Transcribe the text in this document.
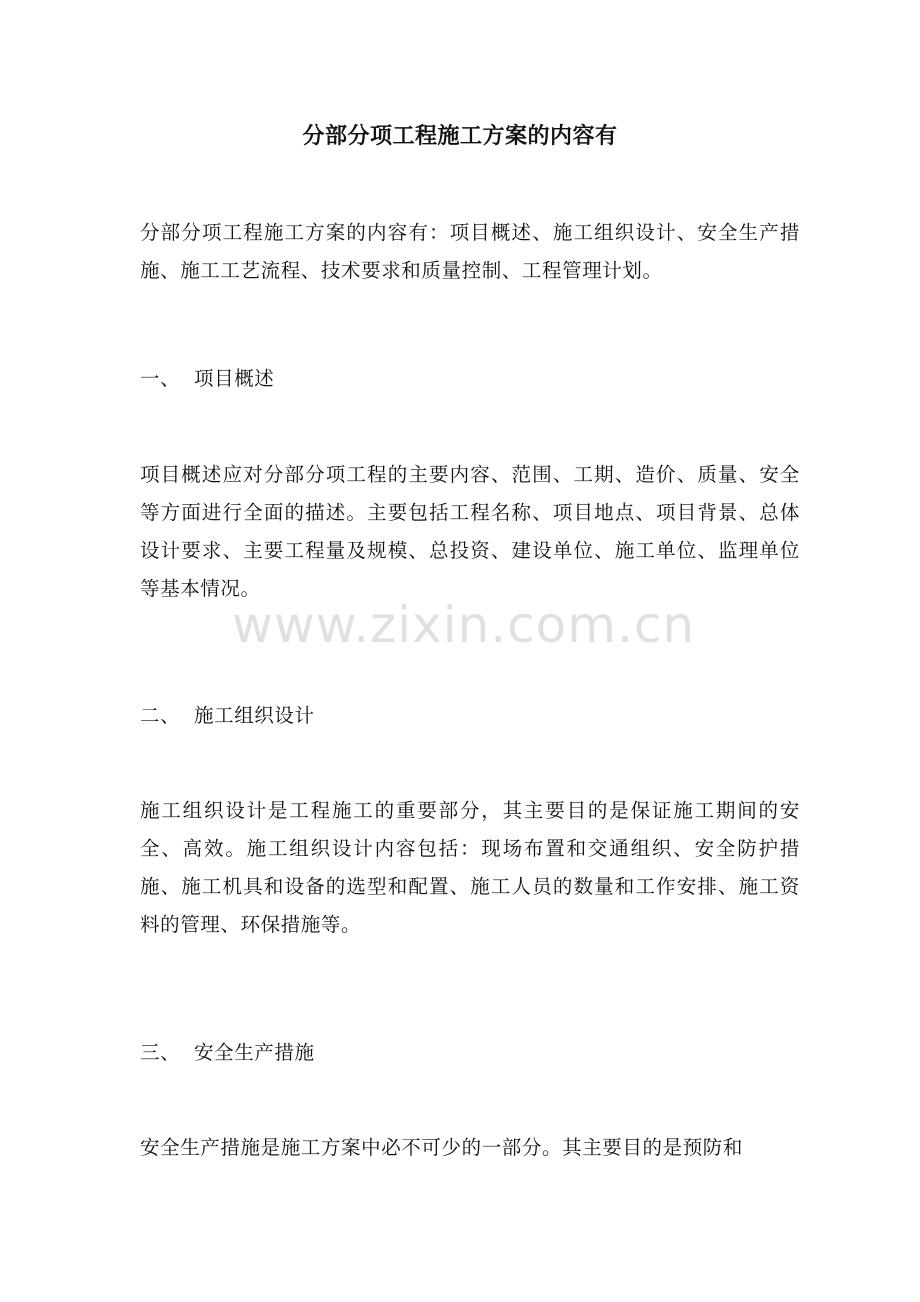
分部分项工程施工方案的内容有

分部分项工程施工方案的内容有：项目概述、施工组织设计、安全生产措施、施工工艺流程、技术要求和质量控制、工程管理计划。

一、 项目概述

项目概述应对分部分项工程的主要内容、范围、工期、造价、质量、安全等方面进行全面的描述。主要包括工程名称、项目地点、项目背景、总体设计要求、主要工程量及规模、总投资、建设单位、施工单位、监理单位等基本情况。

二、 施工组织设计

施工组织设计是工程施工的重要部分，其主要目的是保证施工期间的安全、高效。施工组织设计内容包括：现场布置和交通组织、安全防护措施、施工机具和设备的选型和配置、施工人员的数量和工作安排、施工资料的管理、环保措施等。

三、 安全生产措施

安全生产措施是施工方案中必不可少的一部分。其主要目的是预防和

www.zixin.com.cn
